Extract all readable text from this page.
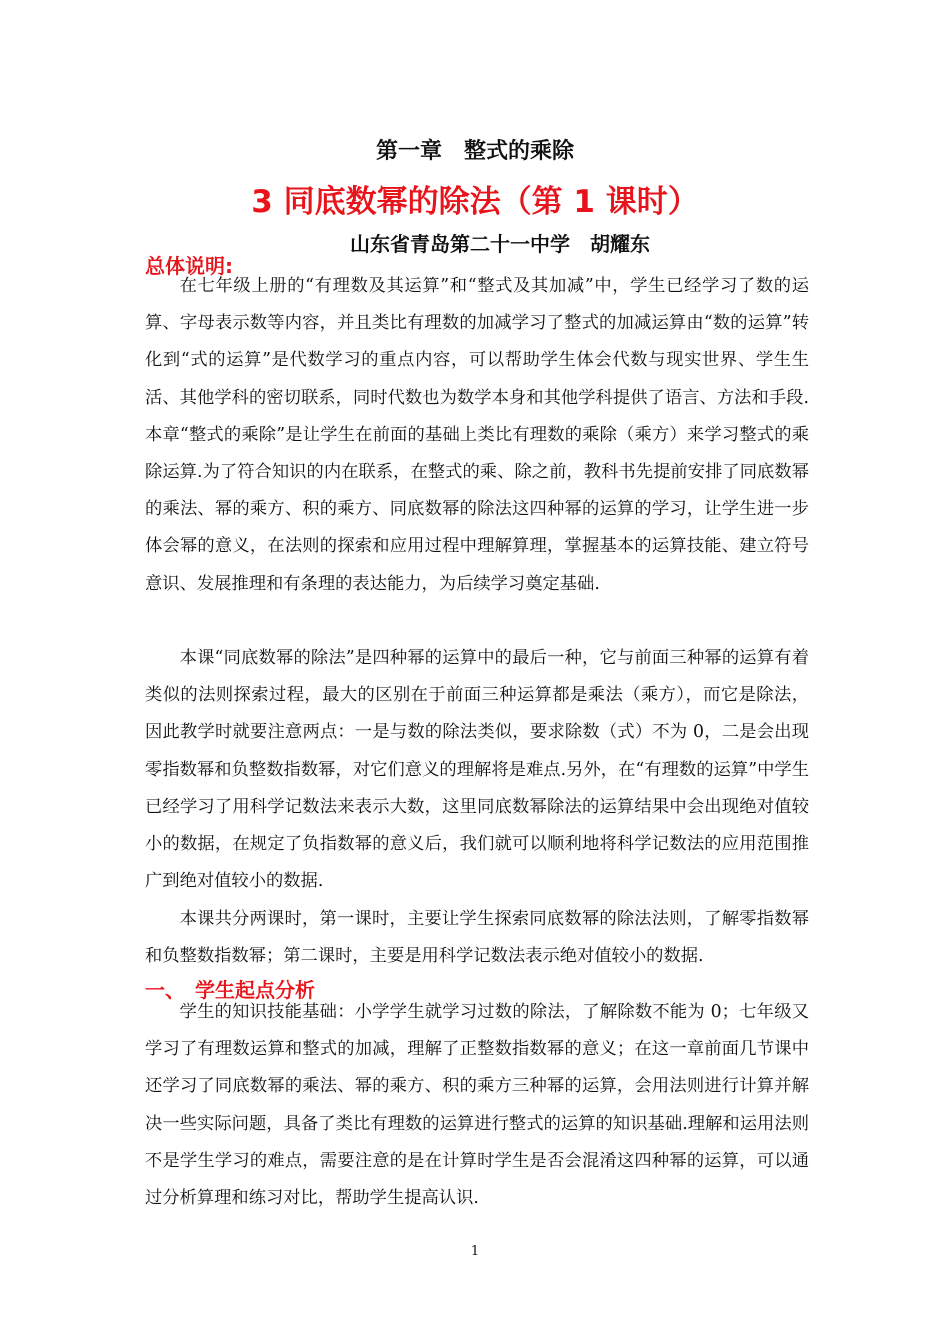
第一章　整式的乘除
3 同底数幂的除法（第 1 课时）
山东省青岛第二十一中学　胡耀东
总体说明:

在七年级上册的“有理数及其运算”和“整式及其加减”中，学生已经学习了数的运算、字母表示数等内容，并且类比有理数的加减学习了整式的加减运算由“数的运算”转化到“式的运算”是代数学习的重点内容，可以帮助学生体会代数与现实世界、学生生活、其他学科的密切联系，同时代数也为数学本身和其他学科提供了语言、方法和手段.本章“整式的乘除”是让学生在前面的基础上类比有理数的乘除（乘方）来学习整式的乘除运算.为了符合知识的内在联系，在整式的乘、除之前，教科书先提前安排了同底数幂的乘法、幂的乘方、积的乘方、同底数幂的除法这四种幂的运算的学习，让学生进一步体会幂的意义，在法则的探索和应用过程中理解算理，掌握基本的运算技能、建立符号意识、发展推理和有条理的表达能力，为后续学习奠定基础.

本课“同底数幂的除法”是四种幂的运算中的最后一种，它与前面三种幂的运算有着类似的法则探索过程，最大的区别在于前面三种运算都是乘法（乘方），而它是除法，因此教学时就要注意两点：一是与数的除法类似，要求除数（式）不为 0，二是会出现零指数幂和负整数指数幂，对它们意义的理解将是难点.另外，在“有理数的运算”中学生已经学习了用科学记数法来表示大数，这里同底数幂除法的运算结果中会出现绝对值较小的数据，在规定了负指数幂的意义后，我们就可以顺利地将科学记数法的应用范围推广到绝对值较小的数据.

本课共分两课时，第一课时，主要让学生探索同底数幂的除法法则，了解零指数幂和负整数指数幂；第二课时，主要是用科学记数法表示绝对值较小的数据.

一、　学生起点分析

学生的知识技能基础：小学学生就学习过数的除法，了解除数不能为 0；七年级又学习了有理数运算和整式的加减，理解了正整数指数幂的意义；在这一章前面几节课中还学习了同底数幂的乘法、幂的乘方、积的乘方三种幂的运算，会用法则进行计算并解决一些实际问题，具备了类比有理数的运算进行整式的运算的知识基础.理解和运用法则不是学生学习的难点，需要注意的是在计算时学生是否会混淆这四种幂的运算，可以通过分析算理和练习对比，帮助学生提高认识.

1
